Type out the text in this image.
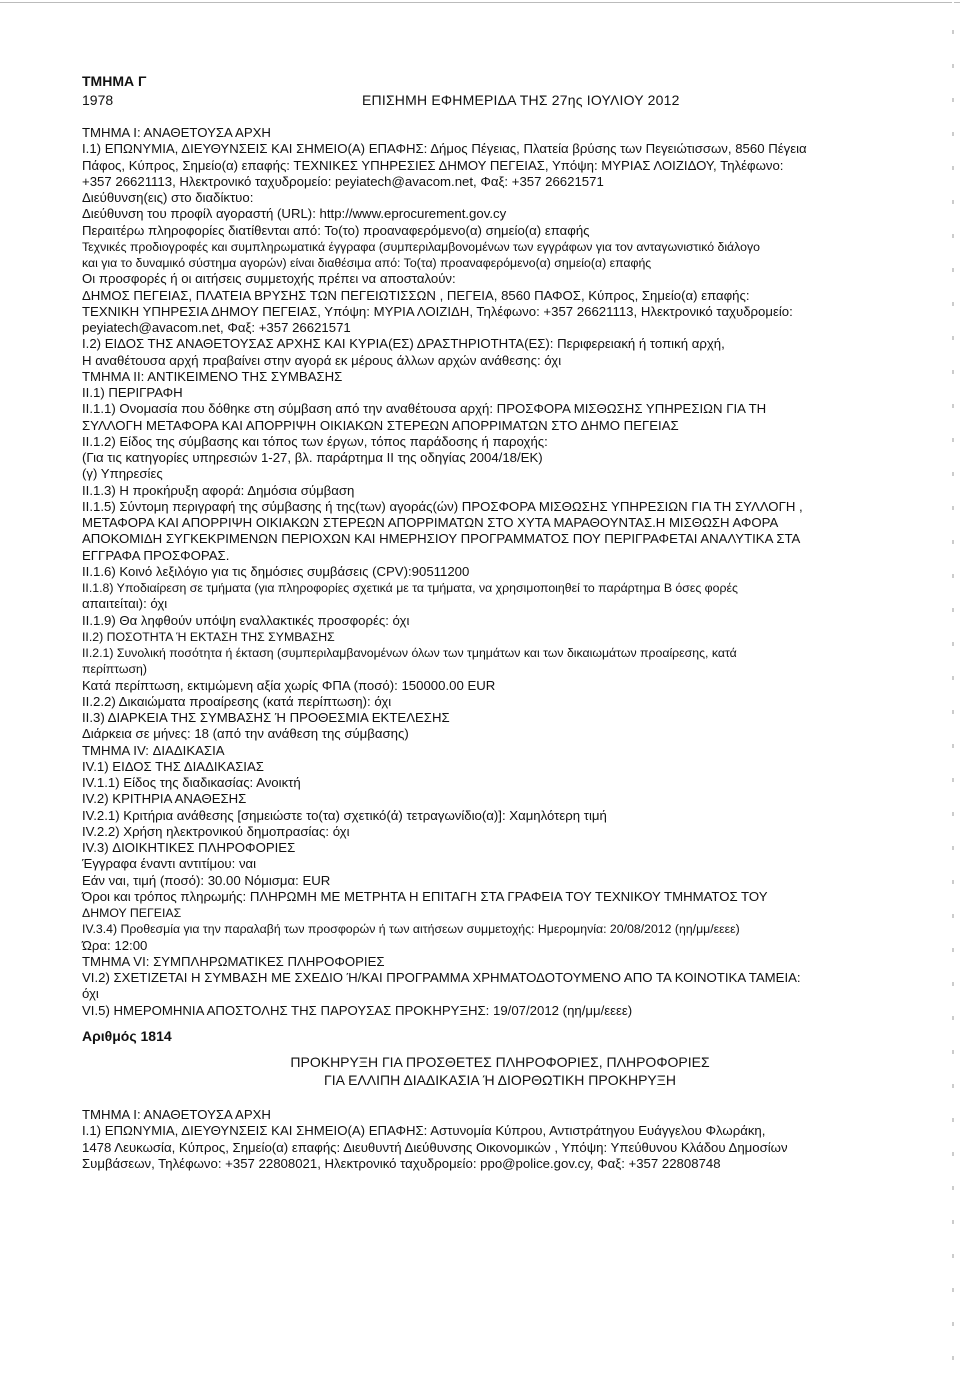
ΤΜΗΜΑ Γ
1978	ΕΠΙΣΗΜΗ ΕΦΗΜΕΡΙΔΑ ΤΗΣ 27ης ΙΟΥΛΙΟΥ 2012
ΤΜΗΜΑ Ι: ΑΝΑΘΕΤΟΥΣΑ ΑΡΧΗ
Ι.1) ΕΠΩΝΥΜΙΑ, ΔΙΕΥΘΥΝΣΕΙΣ ΚΑΙ ΣΗΜΕΙΟ(Α) ΕΠΑΦΗΣ: Δήμος Πέγειας, Πλατεία βρύσης των Πεγειώτισσων, 8560 Πέγεια
Πάφος, Κύπρος, Σημείο(α) επαφής: ΤΕΧΝΙΚΕΣ ΥΠΗΡΕΣΙΕΣ ΔΗΜΟΥ ΠΕΓΕΙΑΣ, Υπόψη: ΜΥΡΙΑΣ ΛΟΙΖΙΔΟΥ, Τηλέφωνο:
+357 26621113, Ηλεκτρονικό ταχυδρομείο: peyiatech@avacom.net, Φαξ: +357 26621571
Διεύθυνση(εις) στο διαδίκτυο:
Διεύθυνση του προφίλ αγοραστή (URL): http://www.eprocurement.gov.cy
Περαιτέρω πληροφορίες διατίθενται από: Το(το) προαναφερόμενο(α) σημείο(α) επαφής
Τεχνικές προδιογροφές και συμπληρωματικά έγγραφα (συμπεριλαμβονομένων των εγγράφων για τον ανταγωνιστικό διάλογο
και για το δυναμικό σύστημα αγορών) είναι διαθέσιμα από: Το(τα) προαναφερόμενο(α) σημείο(α) επαφής
Οι προσφορές ή οι αιτήσεις συμμετοχής πρέπει να αποσταλούν:
ΔΗΜΟΣ ΠΕΓΕΙΑΣ, ΠΛΑΤΕΙΑ ΒΡΥΣΗΣ ΤΩΝ ΠΕΓΕΙΩΤΙΣΣΩΝ , ΠΕΓΕΙΑ, 8560 ΠΑΦΟΣ, Κύπρος, Σημείο(α) επαφής:
ΤΕΧΝΙΚΗ ΥΠΗΡΕΣΙΑ ΔΗΜΟΥ ΠΕΓΕΙΑΣ, Υπόψη: ΜΥΡΙΑ ΛΟΙΖΙΔΗ, Τηλέφωνο: +357 26621113, Ηλεκτρονικό ταχυδρομείο:
peyiatech@avacom.net, Φαξ: +357 26621571
Ι.2) ΕΙΔΟΣ ΤΗΣ ΑΝΑΘΕΤΟΥΣΑΣ ΑΡΧΗΣ ΚΑΙ ΚΥΡΙΑ(ΕΣ) ΔΡΑΣΤΗΡΙΟΤΗΤΑ(ΕΣ): Περιφερειακή ή τοπική αρχή,
Η αναθέτουσα αρχή πραβαίνει στην αγορά εκ μέρους άλλων αρχών ανάθεσης: όχι
ΤΜΗΜΑ ΙΙ: ΑΝΤΙΚΕΙΜΕΝΟ ΤΗΣ ΣΥΜΒΑΣΗΣ
ΙΙ.1) ΠΕΡΙΓΡΑΦΗ
ΙΙ.1.1) Ονομασία που δόθηκε στη σύμβαση από την αναθέτουσα αρχή: ΠΡΟΣΦΟΡΑ ΜΙΣΘΩΣΗΣ ΥΠΗΡΕΣΙΩΝ ΓΙΑ ΤΗ
ΣΥΛΛΟΓΗ ΜΕΤΑΦΟΡΑ ΚΑΙ ΑΠΟΡΡΙΨΗ ΟΙΚΙΑΚΩΝ ΣΤΕΡΕΩΝ ΑΠΟΡΡΙΜΑΤΩΝ ΣΤΟ ΔΗΜΟ ΠΕΓΕΙΑΣ
ΙΙ.1.2) Είδος της σύμβασης και τόπος των έργων, τόπος παράδοσης ή παροχής:
(Για τις κατηγορίες υπηρεσιών 1-27, βλ. παράρτημα ΙΙ της οδηγίας 2004/18/ΕΚ)
(γ) Υπηρεσίες
ΙΙ.1.3) Η προκήρυξη αφορά: Δημόσια σύμβαση
ΙΙ.1.5) Σύντομη περιγραφή της σύμβασης ή της(των) αγοράς(ών) ΠΡΟΣΦΟΡΑ ΜΙΣΘΩΣΗΣ ΥΠΗΡΕΣΙΩΝ ΓΙΑ ΤΗ ΣΥΛΛΟΓΗ ,
ΜΕΤΑΦΟΡΑ ΚΑΙ ΑΠΟΡΡΙΨΗ ΟΙΚΙΑΚΩΝ ΣΤΕΡΕΩΝ ΑΠΟΡΡΙΜΑΤΩΝ ΣΤΟ ΧΥΤΑ ΜΑΡΑΘΟΥΝΤΑΣ.Η ΜΙΣΘΩΣΗ ΑΦΟΡΑ
ΑΠΟΚΟΜΙΔΗ ΣΥΓΚΕΚΡΙΜΕΝΩΝ ΠΕΡΙΟΧΩΝ ΚΑΙ ΗΜΕΡΗΣΙΟΥ ΠΡΟΓΡΑΜΜΑΤΟΣ ΠΟΥ ΠΕΡΙΓΡΑΦΕΤΑΙ ΑΝΑΛΥΤΙΚΑ ΣΤΑ
ΕΓΓΡΑΦΑ ΠΡΟΣΦΟΡΑΣ.
ΙΙ.1.6) Κοινό λεξιλόγιο για τις δημόσιες συμβάσεις (CPV):90511200
ΙΙ.1.8) Υποδιαίρεση σε τμήματα (για πληροφορίες σχετικά με τα τμήματα, να χρησιμοποιηθεί το παράρτημα Β όσες φορές
απαιτείται): όχι
ΙΙ.1.9) Θα ληφθούν υπόψη εναλλακτικές προσφορές: όχι
ΙΙ.2) ΠΟΣΟΤΗΤΑ Ή ΕΚΤΑΣΗ ΤΗΣ ΣΥΜΒΑΣΗΣ
ΙΙ.2.1) Συνολική ποσότητα ή έκταση (συμπεριλαμβανομένων όλων των τμημάτων και των δικαιωμάτων προαίρεσης, κατά
περίπτωση)
Κατά περίπτωση, εκτιμώμενη αξία χωρίς ΦΠΑ (ποσό): 150000.00 EUR
ΙΙ.2.2) Δικαιώματα προαίρεσης (κατά περίπτωση): όχι
ΙΙ.3) ΔΙΑΡΚΕΙΑ ΤΗΣ ΣΥΜΒΑΣΗΣ Ή ΠΡΟΘΕΣΜΙΑ ΕΚΤΕΛΕΣΗΣ
Διάρκεια σε μήνες: 18 (από την ανάθεση της σύμβασης)
ΤΜΗΜΑ ΙV: ΔΙΑΔΙΚΑΣΙΑ
ΙV.1) ΕΙΔΟΣ ΤΗΣ ΔΙΑΔΙΚΑΣΙΑΣ
ΙV.1.1) Είδος της διαδικασίας: Ανοικτή
ΙV.2) ΚΡΙΤΗΡΙΑ ΑΝΑΘΕΣΗΣ
ΙV.2.1) Κριτήρια ανάθεσης [σημειώστε το(τα) σχετικό(ά) τετραγωνίδιο(α)]: Χαμηλότερη τιμή
ΙV.2.2) Χρήση ηλεκτρονικού δημοπρασίας: όχι
ΙV.3) ΔΙΟΙΚΗΤΙΚΕΣ ΠΛΗΡΟΦΟΡΙΕΣ
Έγγραφα έναντι αντιτίμου: ναι
Εάν ναι, τιμή (ποσό): 30.00 Νόμισμα: EUR
Όροι και τρόπος πληρωμής: ΠΛΗΡΩΜΗ ΜΕ ΜΕΤΡΗΤΑ Η ΕΠΙΤΑΓΗ ΣΤΑ ΓΡΑΦΕΙΑ ΤΟΥ ΤΕΧΝΙΚΟΥ ΤΜΗΜΑΤΟΣ ΤΟΥ
ΔΗΜΟΥ ΠΕΓΕΙΑΣ
ΙV.3.4) Προθεσμία για την παραλαβή των προσφορών ή των αιτήσεων συμμετοχής: Ημερομηνία: 20/08/2012 (ηη/μμ/εεεε)
Ώρα: 12:00
ΤΜΗΜΑ VΙ: ΣΥΜΠΛΗΡΩΜΑΤΙΚΕΣ ΠΛΗΡΟΦΟΡΙΕΣ
VΙ.2) ΣΧΕΤΙΖΕΤΑΙ Η ΣΥΜΒΑΣΗ ΜΕ ΣΧΕΔΙΟ Ή/ΚΑΙ ΠΡΟΓΡΑΜΜΑ ΧΡΗΜΑΤΟΔΟΤΟΥΜΕΝΟ ΑΠΟ ΤΑ ΚΟΙΝΟΤΙΚΑ ΤΑΜΕΙΑ:
όχι
VΙ.5) ΗΜΕΡΟΜΗΝΙΑ ΑΠΟΣΤΟΛΗΣ ΤΗΣ ΠΑΡΟΥΣΑΣ ΠΡΟΚΗΡΥΞΗΣ: 19/07/2012 (ηη/μμ/εεεε)
Αριθμός 1814
ΠΡΟΚΗΡΥΞΗ ΓΙΑ ΠΡΟΣΘΕΤΕΣ ΠΛΗΡΟΦΟΡΙΕΣ, ΠΛΗΡΟΦΟΡΙΕΣ
ΓΙΑ ΕΛΛΙΠΗ ΔΙΑΔΙΚΑΣΙΑ Ή ΔΙΟΡΘΩΤΙΚΗ ΠΡΟΚΗΡΥΞΗ
ΤΜΗΜΑ Ι: ΑΝΑΘΕΤΟΥΣΑ ΑΡΧΗ
Ι.1) ΕΠΩΝΥΜΙΑ, ΔΙΕΥΘΥΝΣΕΙΣ ΚΑΙ ΣΗΜΕΙΟ(Α) ΕΠΑΦΗΣ: Αστυνομία Κύπρου, Αντιστράτηγου Ευάγγελου Φλωράκη,
1478 Λευκωσία, Κύπρος, Σημείο(α) επαφής: Διευθυντή Διεύθυνσης Οικονομικών , Υπόψη: Υπεύθυνου Κλάδου Δημοσίων
Συμβάσεων, Τηλέφωνο: +357 22808021, Ηλεκτρονικό ταχυδρομείο: ppo@police.gov.cy, Φαξ: +357 22808748
